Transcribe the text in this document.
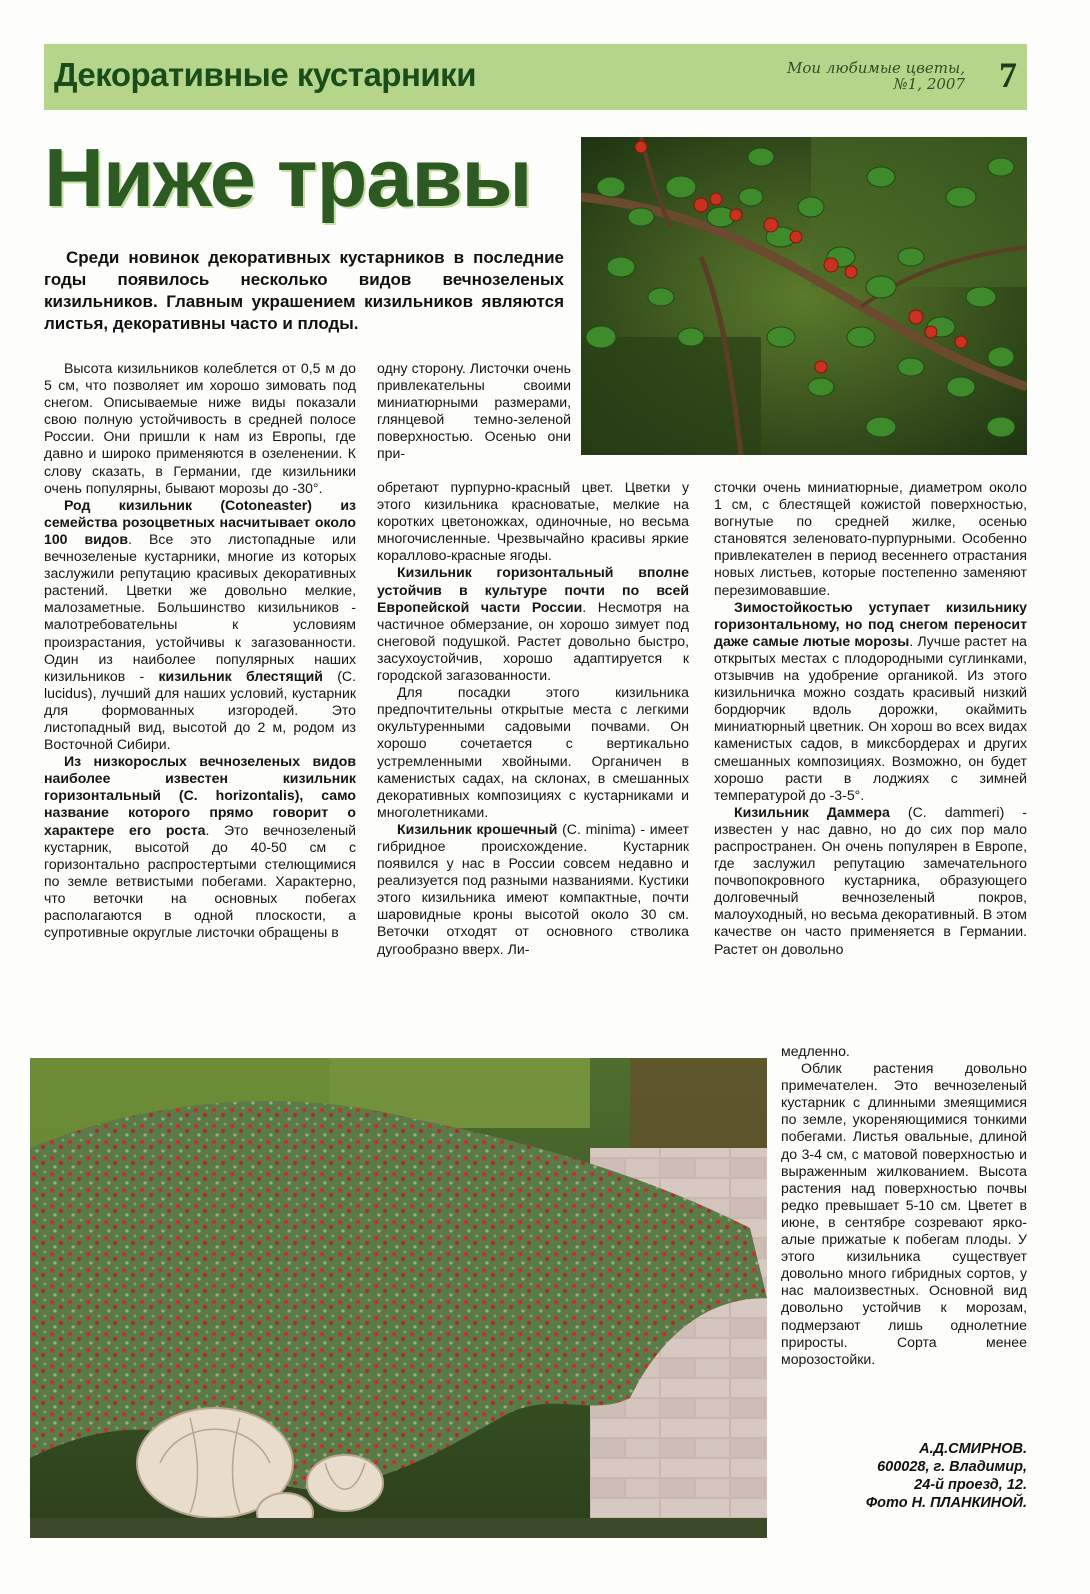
Декоративные кустарники	Мои любимые цветы,
№1, 2007 7
Ниже травы
Среди новинок декоративных кустарников в последние годы появилось несколько видов вечнозеленых кизильников. Главным украшением кизильников являются листья, декоративны часто и плоды.

Высота кизильников колеблется от 0,5 м до 5 см, что позволяет им хорошо зимовать под снегом. Описываемые ниже виды показали свою полную устойчивость в средней полосе России. Они пришли к нам из Европы, где давно и широко применяются в озеленении. К слову сказать, в Германии, где кизильники очень популярны, бывают морозы до -30°.

Род кизильник (Cotoneaster) из семейства розоцветных насчитывает около 100 видов. Все это листопадные или вечнозеленые кустарники, многие из которых заслужили репутацию красивых декоративных растений. Цветки же довольно мелкие, малозаметные. Большинство кизильников - малотребовательны к условиям произрастания, устойчивы к загазованности. Один из наиболее популярных наших кизильников - кизильник блестящий (C. lucidus), лучший для наших условий, кустарник для формованных изгородей. Это листопадный вид, высотой до 2 м, родом из Восточной Сибири.

Из низкорослых вечнозеленых видов наиболее известен кизильник горизонтальный (C. horizontalis), само название которого прямо говорит о характере его роста. Это вечнозеленый кустарник, высотой до 40-50 см с горизонтально распростертыми стелющимися по земле ветвистыми побегами. Характерно, что веточки на основных побегах располагаются в одной плоскости, а супротивные округлые листочки обращены в

одну сторону. Листочки очень привлекательны своими миниатюрными размерами, глянцевой темно-зеленой поверхностью. Осенью они при-

обретают пурпурно-красный цвет. Цветки у этого кизильника красноватые, мелкие на коротких цветоножках, одиночные, но весьма многочисленные. Чрезвычайно красивы яркие кораллово-красные ягоды.

Кизильник горизонтальный вполне устойчив в культуре почти по всей Европейской части России. Несмотря на частичное обмерзание, он хорошо зимует под снеговой подушкой. Растет довольно быстро, засухоустойчив, хорошо адаптируется к городской загазованности.

Для посадки этого кизильника предпочтительны открытые места с легкими окультуренными садовыми почвами. Он хорошо сочетается с вертикально устремленными хвойными. Органичен в каменистых садах, на склонах, в смешанных декоративных композициях с кустарниками и многолетниками.

Кизильник крошечный (C. minima) - имеет гибридное происхождение. Кустарник появился у нас в России совсем недавно и реализуется под разными названиями. Кустики этого кизильника имеют компактные, почти шаровидные кроны высотой около 30 см. Веточки отходят от основного стволика дугообразно вверх. Ли-

сточки очень миниатюрные, диаметром около 1 см, с блестящей кожистой поверхностью, вогнутые по средней жилке, осенью становятся зеленовато-пурпурными. Особенно привлекателен в период весеннего отрастания новых листьев, которые постепенно заменяют перезимовавшие.

Зимостойкостью уступает кизильнику горизонтальному, но под снегом переносит даже самые лютые морозы. Лучше растет на открытых местах с плодородными суглинками, отзывчив на удобрение органикой. Из этого кизильничка можно создать красивый низкий бордюрчик вдоль дорожки, окаймить миниатюрный цветник. Он хорош во всех видах каменистых садов, в миксбордерах и других смешанных композициях. Возможно, он будет хорошо расти в лоджиях с зимней температурой до -3-5°.

Кизильник Даммера (C. dammeri) - известен у нас давно, но до сих пор мало распространен. Он очень популярен в Европе, где заслужил репутацию замечательного почвопокровного кустарника, образующего долговечный вечнозеленый покров, малоуходный, но весьма декоративный. В этом качестве он часто применяется в Германии. Растет он довольно

медленно.

Облик растения довольно примечателен. Это вечнозеленый кустарник с длинными змеящимися по земле, укореняющимися тонкими побегами. Листья овальные, длиной до 3-4 см, с матовой поверхностью и выраженным жилкованием. Высота растения над поверхностью почвы редко превышает 5-10 см. Цветет в июне, в сентябре созревают ярко-алые прижатые к побегам плоды. У этого кизильника существует довольно много гибридных сортов, у нас малоизвестных. Основной вид довольно устойчив к морозам, подмерзают лишь однолетние приросты. Сорта менее морозостойки.

А.Д.СМИРНОВ.
600028, г. Владимир,
24-й проезд, 12.
Фото Н. ПЛАНКИНОЙ.
